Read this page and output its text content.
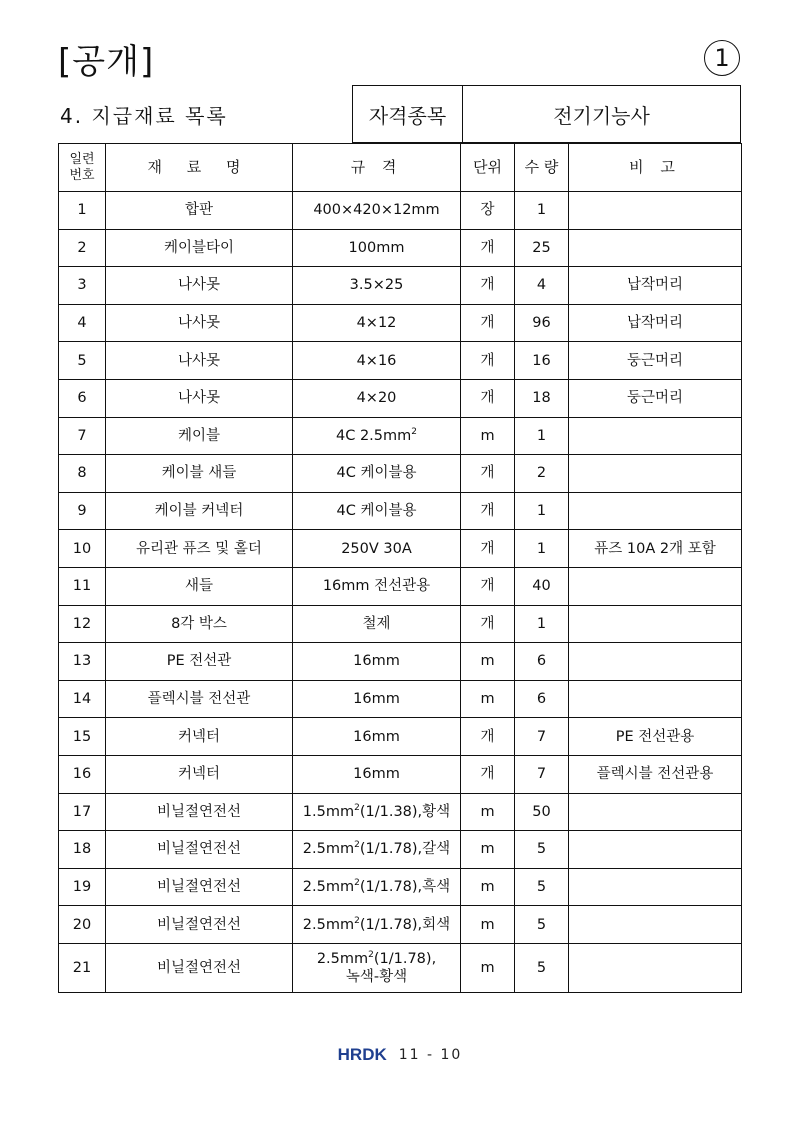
[공개]	1
4. 지급재료 목록	자격종목	전기기능사
일련
번호	재 료 명	규 격	단위	수 량	비 고
1	합판	400×420×12mm	장	1	
2	케이블타이	100mm	개	25	
3	나사못	3.5×25	개	4	납작머리
4	나사못	4×12	개	96	납작머리
5	나사못	4×16	개	16	둥근머리
6	나사못	4×20	개	18	둥근머리
7	케이블	4C $2.5mm^2$	m	1	
8	케이블 새들	4C 케이블용	개	2	
9	케이블 커넥터	4C 케이블용	개	1	
10	유리관 퓨즈 및 홀더	250V 30A	개	1	퓨즈 10A 2개 포함
11	새들	16mm 전선관용	개	40	
12	8각 박스	철제	개	1	
13	PE 전선관	16mm	m	6	
14	플렉시블 전선관	16mm	m	6	
15	커넥터	16mm	개	7	PE 전선관용
16	커넥터	16mm	개	7	플렉시블 전선관용
17	비닐절연전선	$1.5mm^2(1/1.38)$,황색	m	50	
18	비닐절연전선	$2.5mm^2(1/1.78)$,갈색	m	5	
19	비닐절연전선	$2.5mm^2(1/1.78)$,흑색	m	5	
20	비닐절연전선	$2.5mm^2(1/1.78)$,회색	m	5	
21	비닐절연전선	$2.5mm^2(1/1.78)$,
녹색-황색	m	5	
HRDK 11 - 10
